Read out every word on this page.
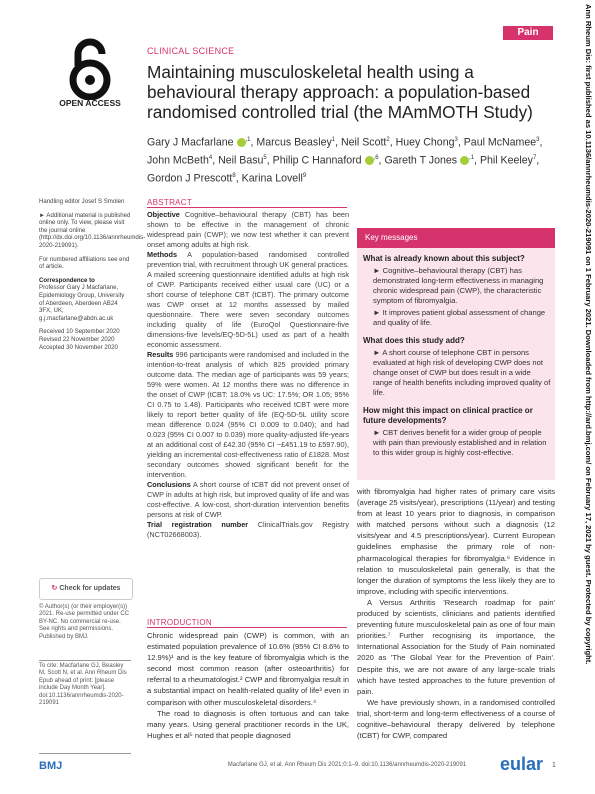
Pain	Ann Rheum Dis: first published as 10.1136/annrheumdis-2020-219091 on 1 February 2021. Downloaded from http://ard.bmj.com/ on February 17, 2021 by guest. Protected by copyright.
OPEN ACCESS
CLINICAL SCIENCE
Maintaining musculoskeletal health using a behavioural therapy approach: a population-based randomised controlled trial (the MAmMOTH Study)
Gary J Macfarlane $^{,1}$, Marcus Beasley$^1$, Neil Scott$^2$, Huey Chong$^3$, Paul McNamee$^3$, John McBeth$^4$, Neil Basu$^5$, Philip C Hannaford $^{,6}$, Gareth T Jones $^{,1}$, Phil Keeley$^7$, Gordon J Prescott$^8$, Karina Lovell$^9$

Handling editor Josef S Smolen

► Additional material is published online only. To view, please visit the journal online (http://dx.doi.org/10.1136/annrheumdis-2020-219091).

For numbered affiliations see end of article.

Correspondence to

Professor Gary J Macfarlane, Epidemiology Group, University of Aberdeen, Aberdeen AB24 3FX, UK; g.j.macfarlane@abdn.ac.uk

Received 10 September 2020
Revised 22 November 2020
Accepted 30 November 2020

↻ Check for updates
© Author(s) (or their employer(s)) 2021. Re-use permitted under CC BY-NC. No commercial re-use. See rights and permissions. Published by BMJ.
To cite: Macfarlane GJ, Beasley M, Scott N, et al. Ann Rheum Dis Epub ahead of print: [please include Day Month Year]. doi:10.1136/annrheumdis-2020-219091
ABSTRACT

Objective Cognitive–behavioural therapy (CBT) has been shown to be effective in the management of chronic widespread pain (CWP); we now test whether it can prevent onset among adults at high risk.

Methods A population-based randomised controlled prevention trial, with recruitment through UK general practices. A mailed screening questionnaire identified adults at high risk of CWP. Participants received either usual care (UC) or a short course of telephone CBT (tCBT). The primary outcome was CWP onset at 12 months assessed by mailed questionnaire. There were seven secondary outcomes including quality of life (EuroQol Questionnaire-five dimensions-five levels/EQ-5D-5L) used as part of a health economic assessment.

Results 996 participants were randomised and included in the intention-to-treat analysis of which 825 provided primary outcome data. The median age of participants was 59 years; 59% were women. At 12 months there was no difference in the onset of CWP (tCBT: 18.0% vs UC: 17.5%; OR 1.05; 95% CI 0.75 to 1.48). Participants who received tCBT were more likely to report better quality of life (EQ-5D-5L utility score mean difference 0.024 (95% CI 0.009 to 0.040); and had 0.023 (95% CI 0.007 to 0.039) more quality-adjusted life-years at an additional cost of £42.30 (95% CI −£451.19 to £597.90), yielding an incremental cost-effectiveness ratio of £1828. Most secondary outcomes showed significant benefit for the intervention.

Conclusions A short course of tCBT did not prevent onset of CWP in adults at high risk, but improved quality of life and was cost-effective. A low-cost, short-duration intervention benefits persons at risk of CWP.

Trial registration number ClinicalTrials.gov Registry (NCT02668003).

Key messages
What is already known about this subject?
► Cognitive–behavioural therapy (CBT) has demonstrated long-term effectiveness in managing chronic widespread pain (CWP), the characteristic symptom of fibromyalgia.
► It improves patient global assessment of change and quality of life.
What does this study add?
► A short course of telephone CBT in persons evaluated at high risk of developing CWP does not change onset of CWP but does result in a wide range of health benefits including improved quality of life.
How might this impact on clinical practice or future developments?
► CBT derives benefit for a wider group of people with pain than previously established and in relation to this wider group is highly cost-effective.
INTRODUCTION

Chronic widespread pain (CWP) is common, with an estimated population prevalence of 10.6% (95% CI 8.6% to 12.9%)¹ and is the key feature of fibromyalgia which is the second most common reason (after osteoarthritis) for referral to a rheumatologist.² CWP and fibromyalgia result in a substantial impact on health-related quality of life³ even in comparison with other musculoskeletal disorders.⁴

The road to diagnosis is often tortuous and can take many years. Using general practitioner records in the UK, Hughes et al⁵ noted that people diagnosed

with fibromyalgia had higher rates of primary care visits (average 25 visits/year), prescriptions (11/year) and testing from at least 10 years prior to diagnosis, in comparison with matched persons without such a diagnosis (12 visits/year and 4.5 prescriptions/year). Current European guidelines emphasise the primary role of non-pharmacological therapies for fibromyalgia.⁶ Evidence in relation to musculoskeletal pain generally, is that the longer the duration of symptoms the less likely they are to improve, including with specific interventions.

A Versus Arthritis 'Research roadmap for pain' produced by scientists, clinicians and patients identified preventing future musculoskeletal pain as one of four main priorities.⁷ Further recognising its importance, the International Association for the Study of Pain nominated 2020 as 'The Global Year for the Prevention of Pain'. Despite this, we are not aware of any large-scale trials which have tested approaches to the future prevention of pain.

We have previously shown, in a randomised controlled trial, short-term and long-term effectiveness of a course of cognitive–behavioural therapy delivered by telephone (tCBT) for CWP, compared

BMJ	Macfarlane GJ, et al. Ann Rheum Dis 2021;0:1–9. doi:10.1136/annrheumdis-2020-219091	eular 1
